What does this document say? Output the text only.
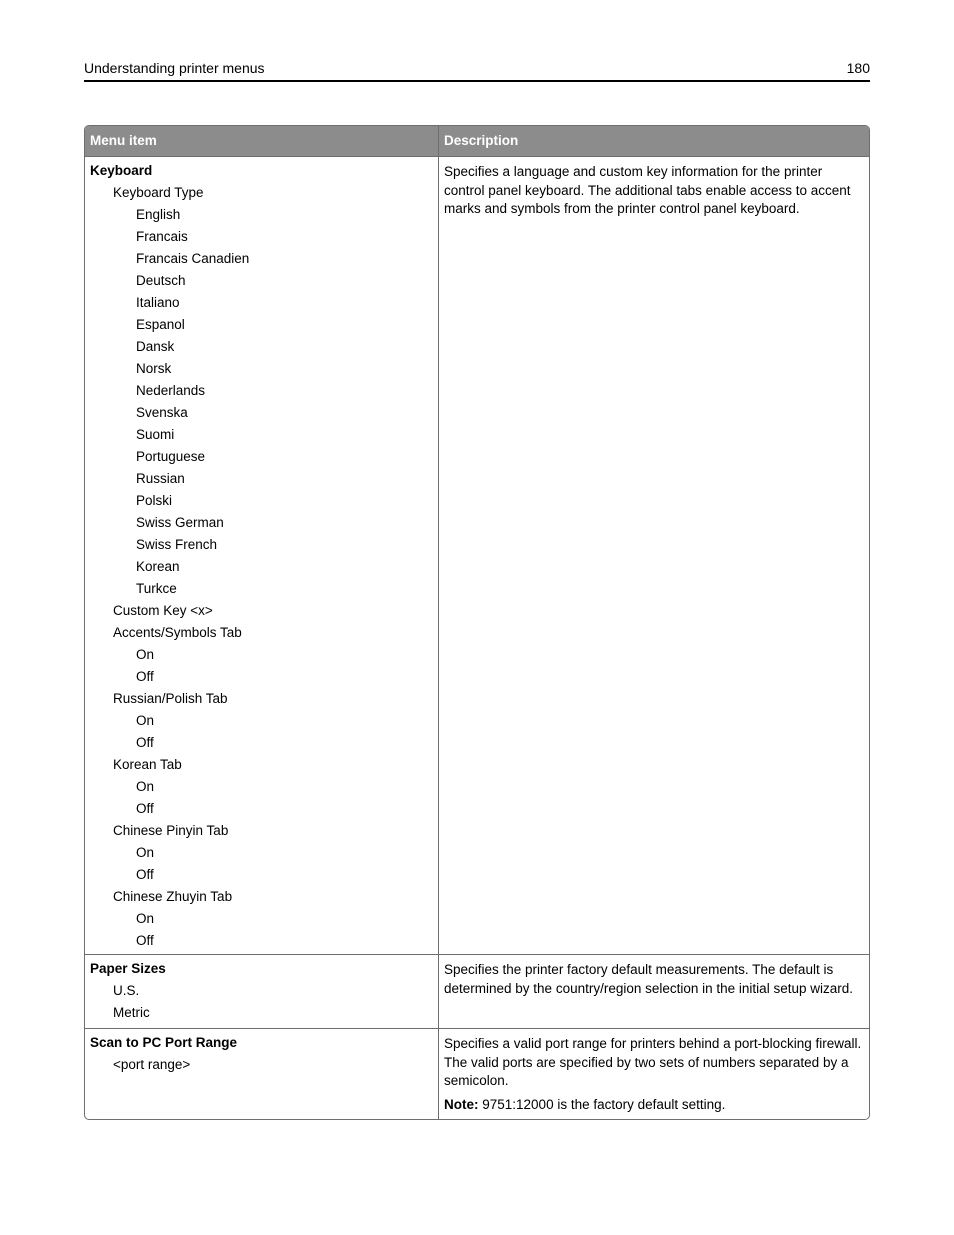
Understanding printer menus	180
Menu item	Description
Keyboard
Keyboard Type
English
Francais
Francais Canadien
Deutsch
Italiano
Espanol
Dansk
Norsk
Nederlands
Svenska
Suomi
Portuguese
Russian
Polski
Swiss German
Swiss French
Korean
Turkce
Custom Key <x>
Accents/Symbols Tab
On
Off
Russian/Polish Tab
On
Off
Korean Tab
On
Off
Chinese Pinyin Tab
On
Off
Chinese Zhuyin Tab
On
Off

Specifies a language and custom key information for the printer control panel keyboard. The additional tabs enable access to accent marks and symbols from the printer control panel keyboard.

Paper Sizes
U.S.
Metric

Specifies the printer factory default measurements. The default is determined by the country/region selection in the initial setup wizard.

Scan to PC Port Range
<port range>

Specifies a valid port range for printers behind a port-blocking firewall. The valid ports are specified by two sets of numbers separated by a semicolon.

Note: 9751:12000 is the factory default setting.
